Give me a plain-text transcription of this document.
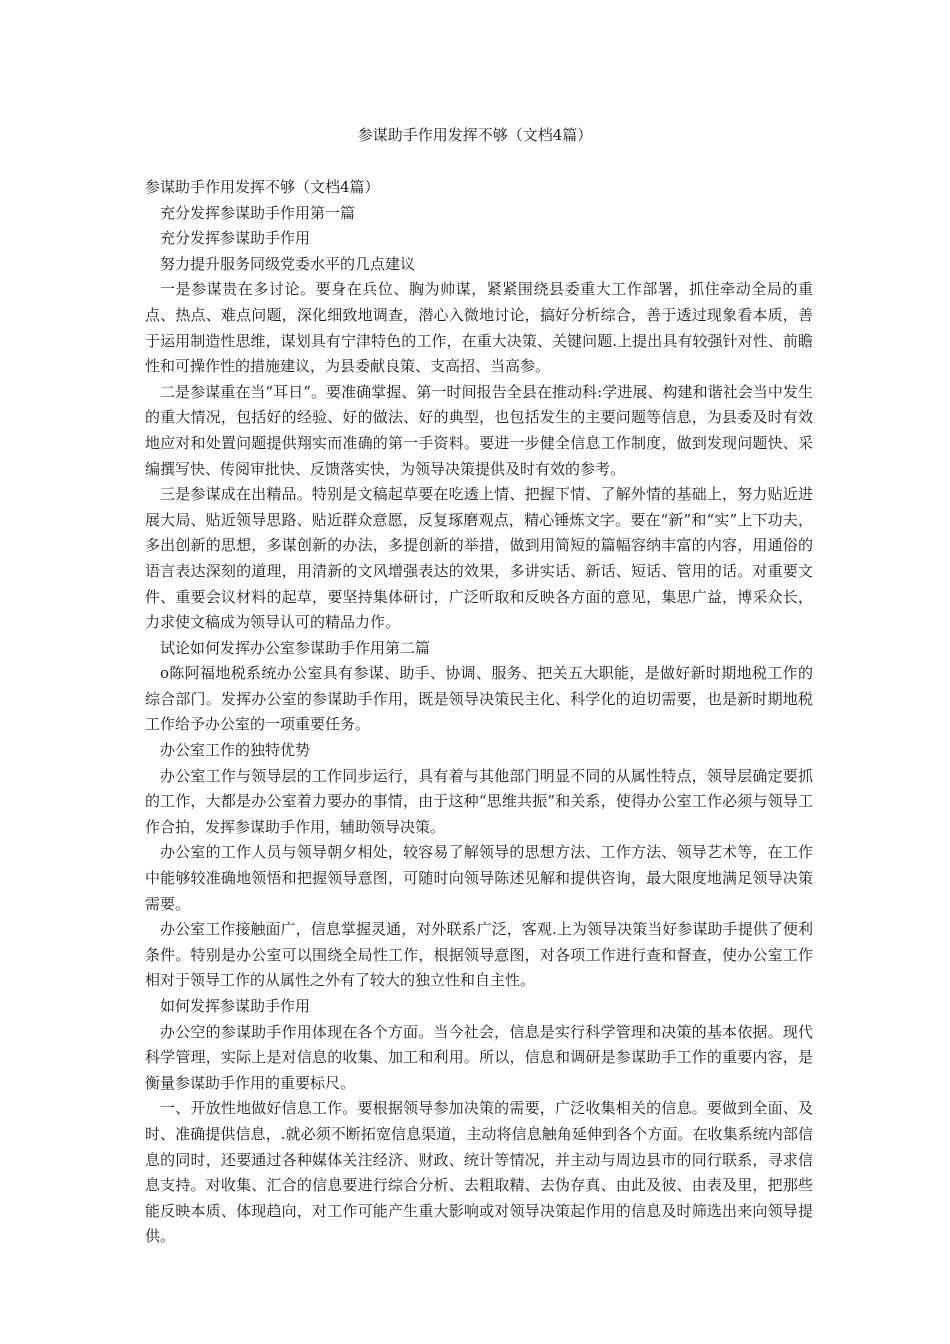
参谋助手作用发挥不够（文档4篇）

参谋助手作用发挥不够（文档4篇）

充分发挥参谋助手作用第一篇

充分发挥参谋助手作用

努力提升服务同级党委水平的几点建议

一是参谋贵在多讨论。要身在兵位、胸为帅谋，紧紧围绕县委重大工作部署，抓住牵动全局的重点、热点、难点问题，深化细致地调查，潜心入微地讨论，搞好分析综合，善于透过现象看本质，善于运用制造性思维，谋划具有宁津特色的工作，在重大决策、关键问题.上提出具有较强针对性、前瞻性和可操作性的措施建议，为县委献良策、支高招、当高参。

二是参谋重在当“耳日”。要准确掌握、第一时间报告全县在推动科:学进展、构建和谐社会当中发生的重大情况，包括好的经验、好的做法、好的典型，也包括发生的主要问题等信息，为县委及时有效地应对和处置问题提供翔实而准确的第一手资料。要进一步健全信息工作制度，做到发现问题快、采编撰写快、传阅审批快、反馈落实快，为领导决策提供及时有效的参考。

三是参谋成在出精品。特别是文稿起草要在吃透上情、把握下情、了解外情的基础上，努力贴近进展大局、贴近领导思路、贴近群众意愿，反复琢磨观点，精心锤炼文字。要在“新”和“实”上下功夫，多出创新的思想，多谋创新的办法，多提创新的举措，做到用简短的篇幅容纳丰富的内容，用通俗的语言表达深刻的道理，用清新的文风增强表达的效果，多讲实话、新话、短话、管用的话。对重要文件、重要会议材料的起草，要坚持集体研讨，广泛听取和反映各方面的意见，集思广益，博采众长，力求使文稿成为领导认可的精品力作。

试论如何发挥办公室参谋助手作用第二篇

o陈阿福地税系统办公室具有参谋、助手、协调、服务、把关五大职能，是做好新时期地税工作的综合部门。发挥办公室的参谋助手作用，既是领导决策民主化、科学化的迫切需要，也是新时期地税工作给予办公室的一项重要任务。

办公室工作的独特优势

办公室工作与领导层的工作同步运行，具有着与其他部门明显不同的从属性特点，领导层确定要抓的工作，大都是办公室着力要办的事情，由于这种“思维共振”和关系，使得办公室工作必须与领导工作合拍，发挥参谋助手作用，辅助领导决策。

办公室的工作人员与领导朝夕相处，较容易了解领导的思想方法、工作方法、领导艺术等，在工作中能够较准确地领悟和把握领导意图，可随时向领导陈述见解和提供咨询，最大限度地满足领导决策需要。

办公室工作接触面广，信息掌握灵通，对外联系广泛，客观.上为领导决策当好参谋助手提供了便利条件。特别是办公室可以围绕全局性工作，根据领导意图，对各项工作进行查和督查，使办公室工作相对于领导工作的从属性之外有了较大的独立性和自主性。

如何发挥参谋助手作用

办公空的参谋助手作用体现在各个方面。当今社会，信息是实行科学管理和决策的基本依据。现代科学管理，实际上是对信息的收集、加工和利用。所以，信息和调研是参谋助手工作的重要内容，是衡量参谋助手作用的重要标尺。

一、开放性地做好信息工作。要根据领导参加决策的需要，广泛收集相关的信息。要做到全面、及时、准确提供信息，.就必须不断拓宽信息渠道，主动将信息触角延伸到各个方面。在收集系统内部信息的同时，还要通过各种媒体关注经济、财政、统计等情况，并主动与周边县市的同行联系，寻求信息支持。对收集、汇合的信息要进行综合分析、去粗取精、去伪存真、由此及彼、由表及里，把那些能反映本质、体现趋向，对工作可能产生重大影响或对领导决策起作用的信息及时筛选出来向领导提供。
